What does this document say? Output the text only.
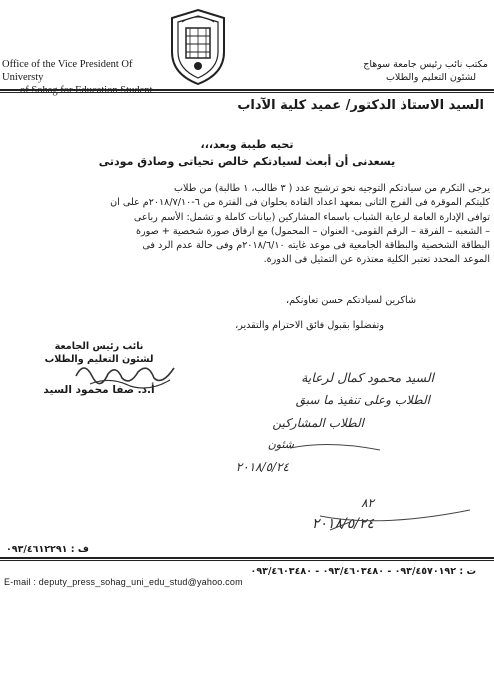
Office of the Vice President Of Universty
مكتب نائب رئيس جامعة سوهاج
لشئون التعليم والطلاب
السيد الاستاذ الدكتور/ عميد كلية الآداب
تحيه طيبة وبعد،،،
يسعدنى أن أبعث لسيادتكم خالص تحياتى وصادق مودتى
يرجى التكرم من سيادتكم التوجيه نحو ترشيح عدد ( ٣ طالب، ١ طالبة) من طلاب
كليتكم الموقرة فى الفرج الثانى بمعهد اعداد القادة بحلوان فى الفترة من ٦-٢٠١٨/٧/١٠م على ان
توافى الإدارة العامة لرعاية الشباب باسماء المشاركين (بيانات كاملة و تشمل: الأسم رباعى
– الشعبه – الفرقة – الرقم القومى- العنوان – المحمول) مع ارفاق صورة شخصية + صورة
البطاقة الشخصية والبطاقة الجامعية فى موعد غايته ٢٠١٨/٦/١٠م وفى حالة عدم الرد فى
الموعد المحدد تعتبر الكلية معتذرة عن التمثيل فى الدورة.
شاكرين لسيادتكم حسن تعاونكم،
وتفضلوا بقبول فائق الاحترام والتقدير،
نائب رئيس الجامعة
لشئون التعليم والطلاب
أ.د. صفا محمود السيد
السيد محمود كمال لرعاية
الطلاب وعلى تنفيذ ما سبق
الطلاب المشاركين
شئون
٢٠١٨/٥/٢٤
٨٢
٢٠١٨/٥/٢٤
ف : ٠٩٣/٤٦١٢٢٩١
ت : ٠٩٣/٤٥٧٠١٩٢ - ٠٩٣/٤٦٠٣٤٨٠ - ٠٩٣/٤٦٠٣٤٨٠
E-mail : deputy_press_sohag_uni_edu_stud@yahoo.com
